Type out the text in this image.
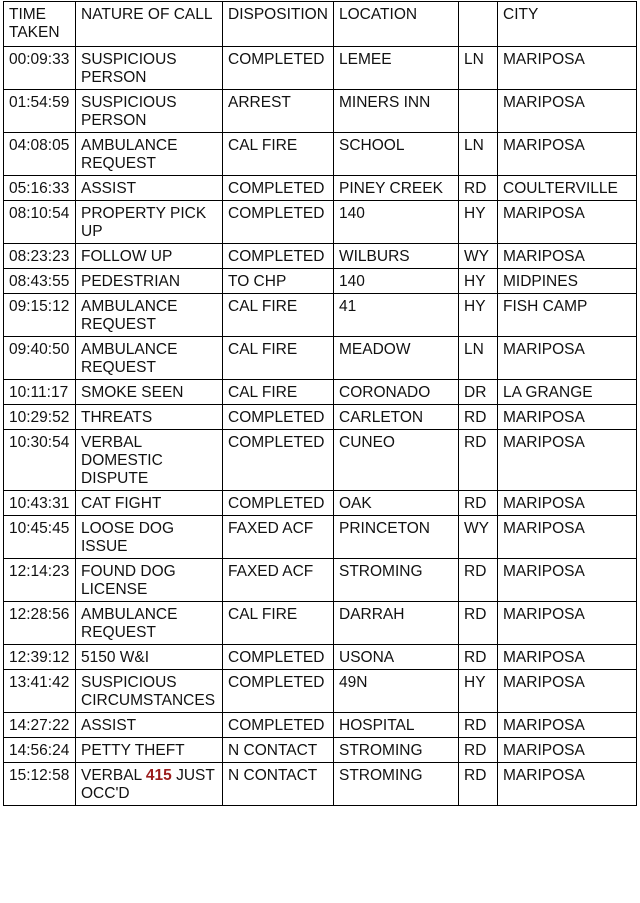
TIME TAKEN	NATURE OF CALL	DISPOSITION	LOCATION		CITY
00:09:33	SUSPICIOUS PERSON	COMPLETED	LEMEE	LN	MARIPOSA
01:54:59	SUSPICIOUS PERSON	ARREST	MINERS INN		MARIPOSA
04:08:05	AMBULANCE REQUEST	CAL FIRE	SCHOOL	LN	MARIPOSA
05:16:33	ASSIST	COMPLETED	PINEY CREEK	RD	COULTERVILLE
08:10:54	PROPERTY PICK UP	COMPLETED	140	HY	MARIPOSA
08:23:23	FOLLOW UP	COMPLETED	WILBURS	WY	MARIPOSA
08:43:55	PEDESTRIAN	TO CHP	140	HY	MIDPINES
09:15:12	AMBULANCE REQUEST	CAL FIRE	41	HY	FISH CAMP
09:40:50	AMBULANCE REQUEST	CAL FIRE	MEADOW	LN	MARIPOSA
10:11:17	SMOKE SEEN	CAL FIRE	CORONADO	DR	LA GRANGE
10:29:52	THREATS	COMPLETED	CARLETON	RD	MARIPOSA
10:30:54	VERBAL DOMESTIC DISPUTE	COMPLETED	CUNEO	RD	MARIPOSA
10:43:31	CAT FIGHT	COMPLETED	OAK	RD	MARIPOSA
10:45:45	LOOSE DOG ISSUE	FAXED ACF	PRINCETON	WY	MARIPOSA
12:14:23	FOUND DOG LICENSE	FAXED ACF	STROMING	RD	MARIPOSA
12:28:56	AMBULANCE REQUEST	CAL FIRE	DARRAH	RD	MARIPOSA
12:39:12	5150 W&I	COMPLETED	USONA	RD	MARIPOSA
13:41:42	SUSPICIOUS CIRCUMSTANCES	COMPLETED	49N	HY	MARIPOSA
14:27:22	ASSIST	COMPLETED	HOSPITAL	RD	MARIPOSA
14:56:24	PETTY THEFT	N CONTACT	STROMING	RD	MARIPOSA
15:12:58	VERBAL 415 JUST OCC'D	N CONTACT	STROMING	RD	MARIPOSA
